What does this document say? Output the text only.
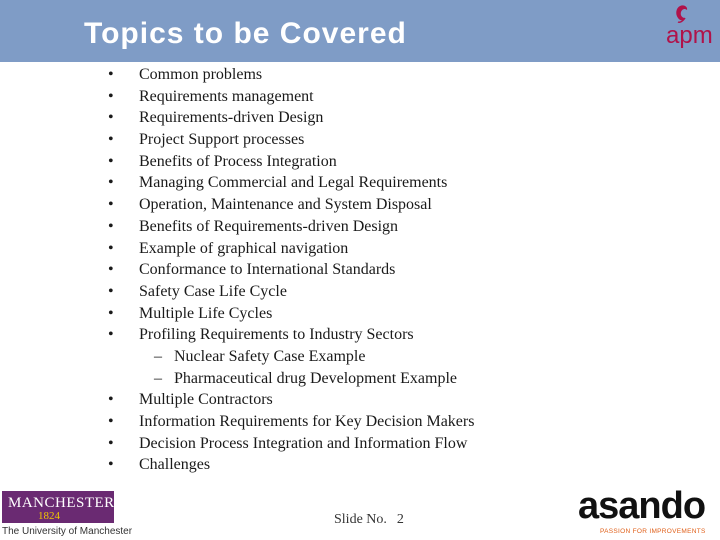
Topics to be Covered	apm
• Common problems
• Requirements management
• Requirements-driven Design
• Project Support processes
• Benefits of Process Integration
• Managing Commercial and Legal Requirements
• Operation, Maintenance and System Disposal
• Benefits of Requirements-driven Design
• Example of graphical navigation
• Conformance to International Standards
• Safety Case Life Cycle
• Multiple Life Cycles
• Profiling Requirements to Industry Sectors
– Nuclear Safety Case Example
– Pharmaceutical drug Development Example
• Multiple Contractors
• Information Requirements for Key Decision Makers
• Decision Process Integration and Information Flow
• Challenges
MANCHESTER
1824
The University of Manchester
Slide No. 2	asando
PASSION FOR IMPROVEMENTS
